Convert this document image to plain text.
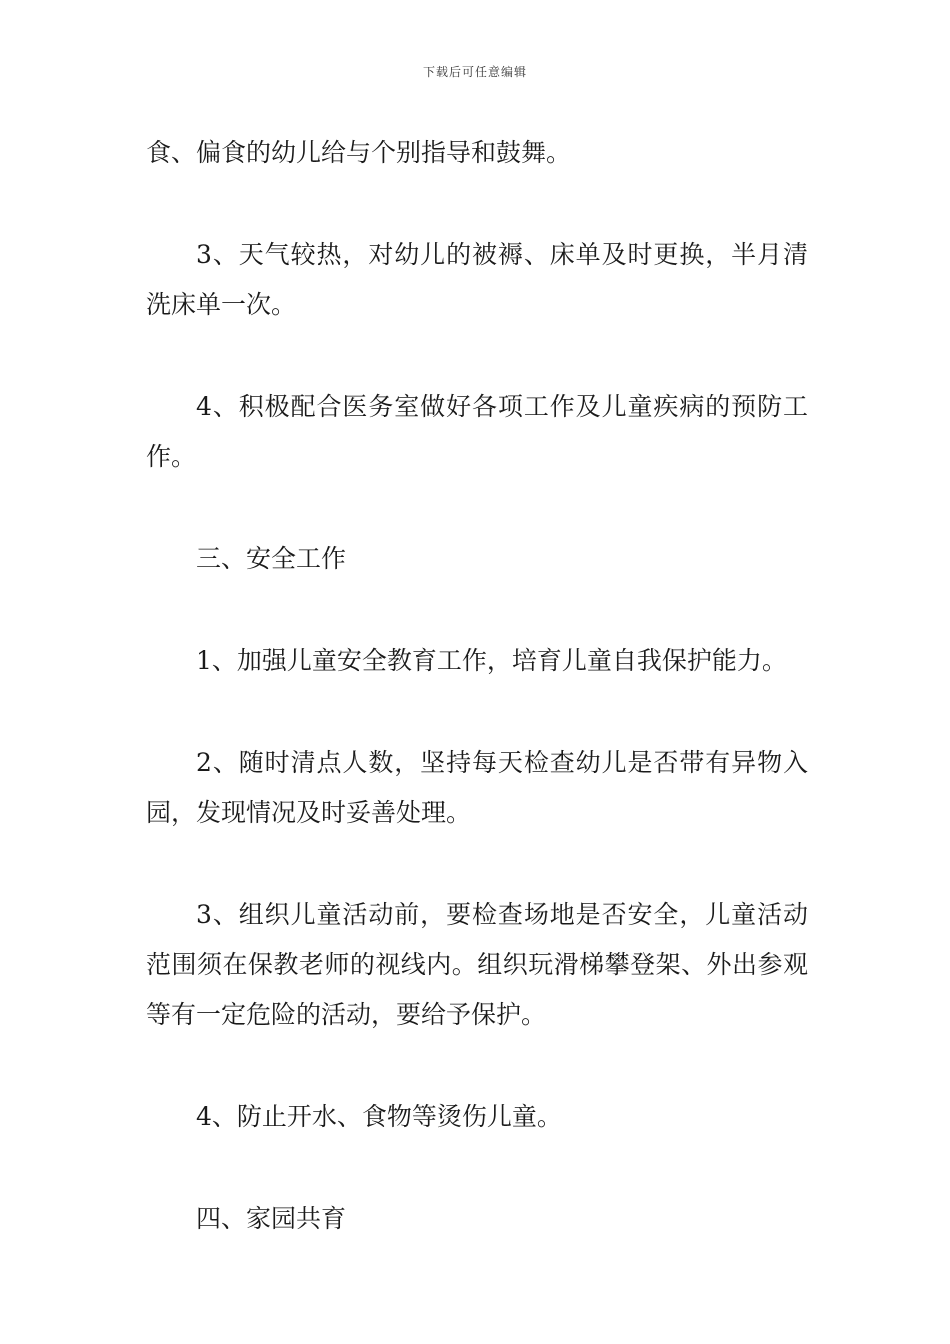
下载后可任意编辑

食、偏食的幼儿给与个别指导和鼓舞。

3、天气较热，对幼儿的被褥、床单及时更换，半月清洗床单一次。

4、积极配合医务室做好各项工作及儿童疾病的预防工作。

三、安全工作

1、加强儿童安全教育工作，培育儿童自我保护能力。

2、随时清点人数，坚持每天检查幼儿是否带有异物入园，发现情况及时妥善处理。

3、组织儿童活动前，要检查场地是否安全，儿童活动范围须在保教老师的视线内。组织玩滑梯攀登架、外出参观等有一定危险的活动，要给予保护。

4、防止开水、食物等烫伤儿童。

四、家园共育
